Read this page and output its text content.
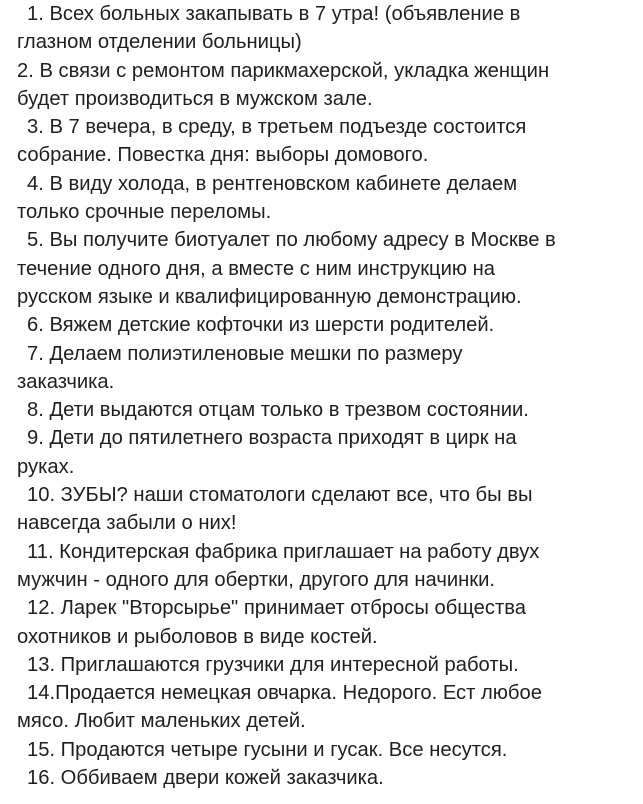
1. Всех больных закапывать в 7 утра! (объявление в
глазном отделении больницы)
2. В связи с ремонтом парикмахерской, укладка женщин
будет производиться в мужском зале.
3. В 7 вечера, в среду, в третьем подъезде состоится
собрание. Повестка дня: выборы домового.
4. В виду холода, в рентгеновском кабинете делаем
только срочные переломы.
5. Вы получите биотуалет по любому адресу в Москве в
течение одного дня, а вместе с ним инструкцию на
русском языке и квалифицированную демонстрацию.
6. Вяжем детские кофточки из шерсти родителей.
7. Делаем полиэтиленовые мешки по размеру
заказчика.
8. Дети выдаются отцам только в трезвом состоянии.
9. Дети до пятилетнего возраста приходят в цирк на
руках.
10. ЗУБЫ? наши стоматологи сделают все, что бы вы
навсегда забыли о них!
11. Кондитерская фабрика приглашает на работу двух
мужчин - одного для обертки, другого для начинки.
12. Ларек "Вторсырье" принимает отбросы общества
охотников и рыболовов в виде костей.
13. Приглашаются грузчики для интересной работы.
14.Продается немецкая овчарка. Недорого. Ест любое
мясо. Любит маленьких детей.
15. Продаются четыре гусыни и гусак. Все несутся.
16. Оббиваем двери кожей заказчика.
